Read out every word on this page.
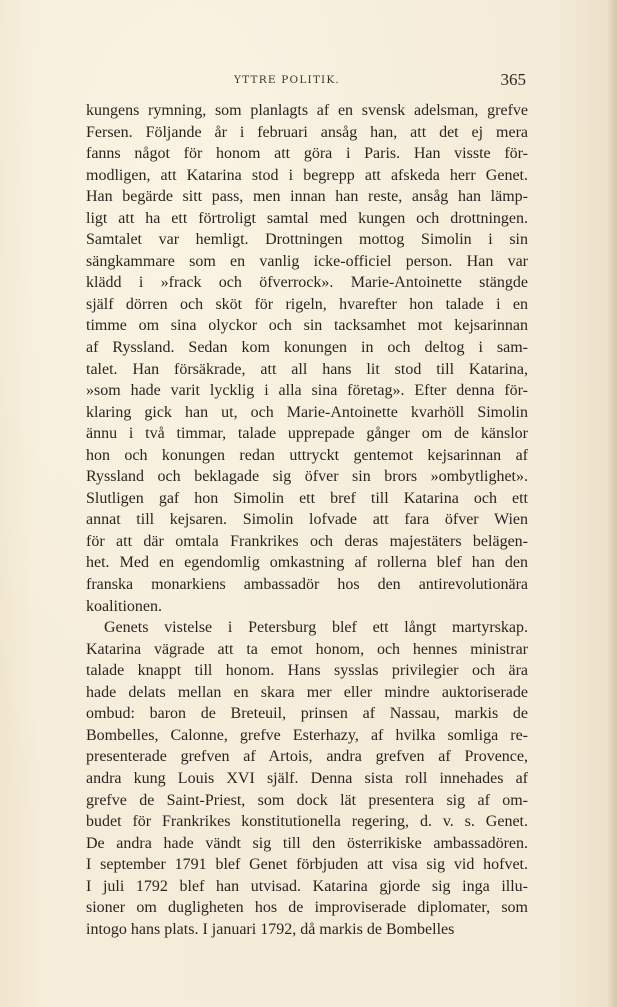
YTTRE POLITIK.	365
kungens rymning, som planlagts af en svensk adelsman, grefve
Fersen. Följande år i februari ansåg han, att det ej mera
fanns något för honom att göra i Paris. Han visste för-
modligen, att Katarina stod i begrepp att afskeda herr Genet.
Han begärde sitt pass, men innan han reste, ansåg han lämp-
ligt att ha ett förtroligt samtal med kungen och drottningen.
Samtalet var hemligt. Drottningen mottog Simolin i sin
sängkammare som en vanlig icke-officiel person. Han var
klädd i »frack och öfverrock». Marie-Antoinette stängde
själf dörren och sköt för rigeln, hvarefter hon talade i en
timme om sina olyckor och sin tacksamhet mot kejsarinnan
af Ryssland. Sedan kom konungen in och deltog i sam-
talet. Han försäkrade, att all hans lit stod till Katarina,
»som hade varit lycklig i alla sina företag». Efter denna för-
klaring gick han ut, och Marie-Antoinette kvarhöll Simolin
ännu i två timmar, talade upprepade gånger om de känslor
hon och konungen redan uttryckt gentemot kejsarinnan af
Ryssland och beklagade sig öfver sin brors »ombytlighet».
Slutligen gaf hon Simolin ett bref till Katarina och ett
annat till kejsaren. Simolin lofvade att fara öfver Wien
för att där omtala Frankrikes och deras majestäters belägen-
het. Med en egendomlig omkastning af rollerna blef han den
franska monarkiens ambassadör hos den antirevolutionära
koalitionen.
Genets vistelse i Petersburg blef ett långt martyrskap.
Katarina vägrade att ta emot honom, och hennes ministrar
talade knappt till honom. Hans sysslas privilegier och ära
hade delats mellan en skara mer eller mindre auktoriserade
ombud: baron de Breteuil, prinsen af Nassau, markis de
Bombelles, Calonne, grefve Esterhazy, af hvilka somliga re-
presenterade grefven af Artois, andra grefven af Provence,
andra kung Louis XVI själf. Denna sista roll innehades af
grefve de Saint-Priest, som dock lät presentera sig af om-
budet för Frankrikes konstitutionella regering, d. v. s. Genet.
De andra hade vändt sig till den österrikiske ambassadören.
I september 1791 blef Genet förbjuden att visa sig vid hofvet.
I juli 1792 blef han utvisad. Katarina gjorde sig inga illu-
sioner om dugligheten hos de improviserade diplomater, som
intogo hans plats. I januari 1792, då markis de Bombelles
